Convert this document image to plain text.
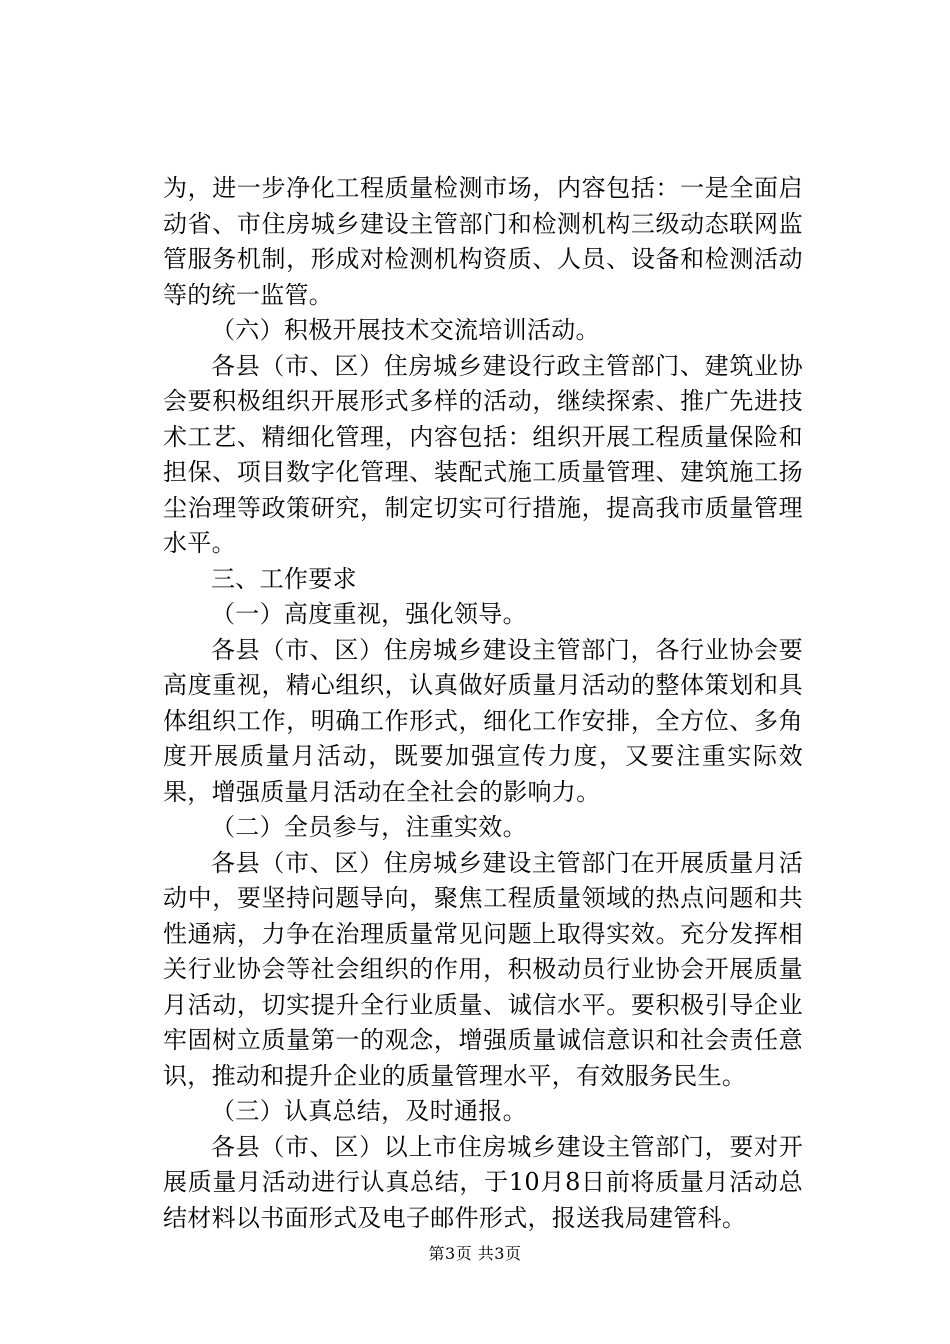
为，进一步净化工程质量检测市场，内容包括：一是全面启动省、市住房城乡建设主管部门和检测机构三级动态联网监管服务机制，形成对检测机构资质、人员、设备和检测活动等的统一监管。

（六）积极开展技术交流培训活动。

各县（市、区）住房城乡建设行政主管部门、建筑业协会要积极组织开展形式多样的活动，继续探索、推广先进技术工艺、精细化管理，内容包括：组织开展工程质量保险和担保、项目数字化管理、装配式施工质量管理、建筑施工扬尘治理等政策研究，制定切实可行措施，提高我市质量管理水平。

三、工作要求

（一）高度重视，强化领导。

各县（市、区）住房城乡建设主管部门，各行业协会要高度重视，精心组织，认真做好质量月活动的整体策划和具体组织工作，明确工作形式，细化工作安排，全方位、多角度开展质量月活动，既要加强宣传力度，又要注重实际效果，增强质量月活动在全社会的影响力。

（二）全员参与，注重实效。

各县（市、区）住房城乡建设主管部门在开展质量月活动中，要坚持问题导向，聚焦工程质量领域的热点问题和共性通病，力争在治理质量常见问题上取得实效。充分发挥相关行业协会等社会组织的作用，积极动员行业协会开展质量月活动，切实提升全行业质量、诚信水平。要积极引导企业牢固树立质量第一的观念，增强质量诚信意识和社会责任意识，推动和提升企业的质量管理水平，有效服务民生。

（三）认真总结，及时通报。

各县（市、区）以上市住房城乡建设主管部门，要对开展质量月活动进行认真总结，于10月8日前将质量月活动总结材料以书面形式及电子邮件形式，报送我局建管科。

第3页 共3页
